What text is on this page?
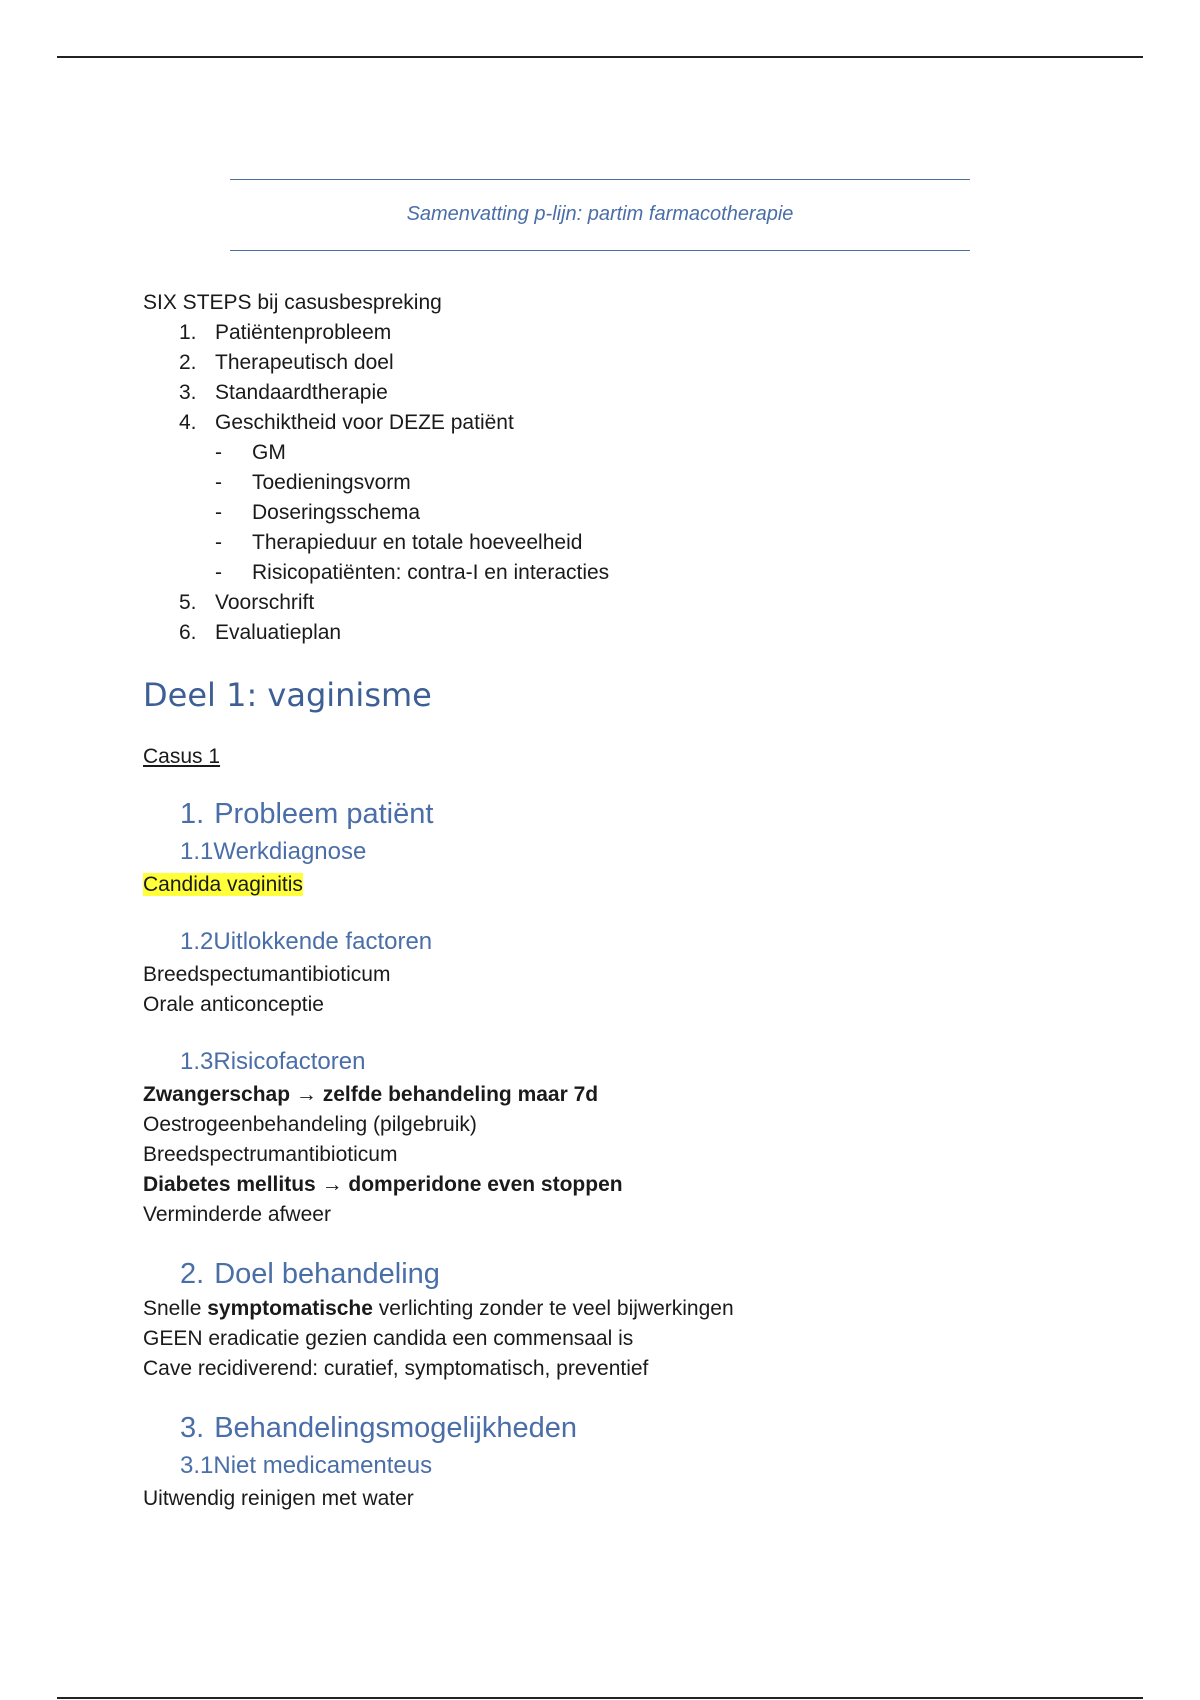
Samenvatting p-lijn: partim farmacotherapie
SIX STEPS bij casusbespreking
1. Patiëntenprobleem
2. Therapeutisch doel
3. Standaardtherapie
4. Geschiktheid voor DEZE patiënt
- GM
- Toedieningsvorm
- Doseringsschema
- Therapieduur en totale hoeveelheid
- Risicopatiënten: contra-I en interacties
5. Voorschrift
6. Evaluatieplan
Deel 1: vaginisme
Casus 1
1. Probleem patiënt
1.1Werkdiagnose
Candida vaginitis
1.2Uitlokkende factoren
Breedspectumantibioticum
Orale anticonceptie
1.3Risicofactoren
Zwangerschap → zelfde behandeling maar 7d
Oestrogeenbehandeling (pilgebruik)
Breedspectrumantibioticum
Diabetes mellitus → domperidone even stoppen
Verminderde afweer
2. Doel behandeling
Snelle symptomatische verlichting zonder te veel bijwerkingen
GEEN eradicatie gezien candida een commensaal is
Cave recidiverend: curatief, symptomatisch, preventief
3. Behandelingsmogelijkheden
3.1Niet medicamenteus
Uitwendig reinigen met water
